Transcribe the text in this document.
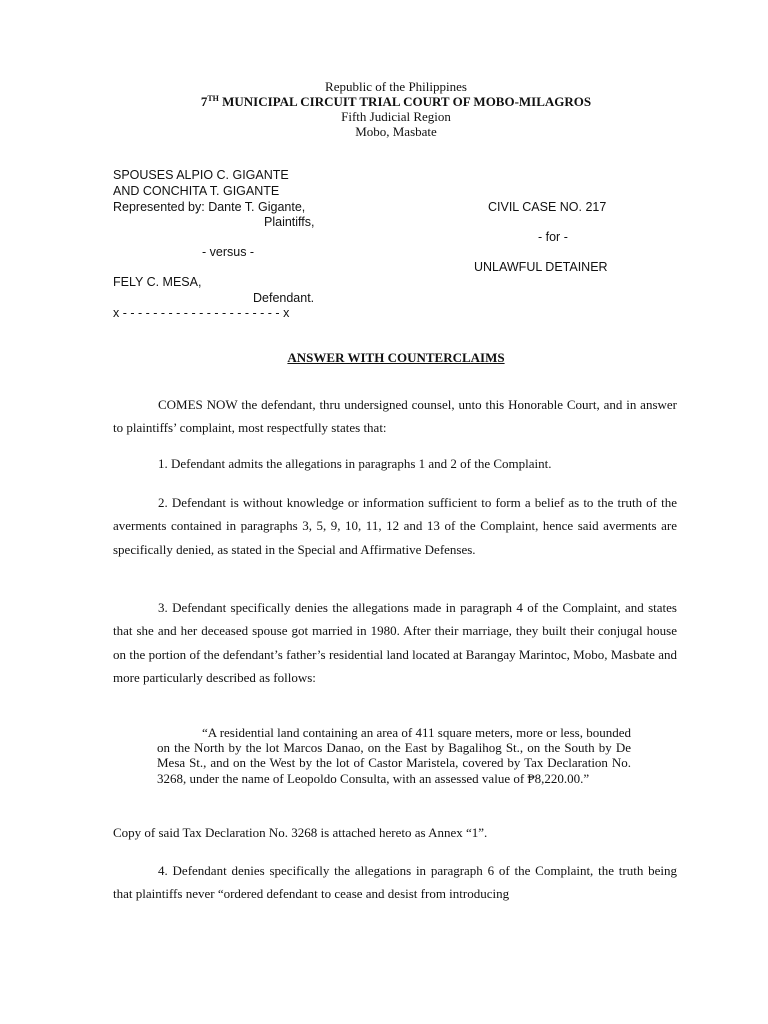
Republic of the Philippines
7TH MUNICIPAL CIRCUIT TRIAL COURT OF MOBO-MILAGROS
Fifth Judicial Region
Mobo, Masbate
SPOUSES ALPIO C. GIGANTE
AND CONCHITA T. GIGANTE
Represented by: Dante T. Gigante,
Plaintiffs,
- versus -
FELY C. MESA,
Defendant.
x - - - - - - - - - - - - - - - - - - - - - x
CIVIL CASE NO. 217
- for -
UNLAWFUL DETAINER
ANSWER WITH COUNTERCLAIMS
COMES NOW the defendant, thru undersigned counsel, unto this Honorable Court, and in answer to plaintiffs’ complaint, most respectfully states that:
1. Defendant admits the allegations in paragraphs 1 and 2 of the Complaint.
2. Defendant is without knowledge or information sufficient to form a belief as to the truth of the averments contained in paragraphs 3, 5, 9, 10, 11, 12 and 13 of the Complaint, hence said averments are specifically denied, as stated in the Special and Affirmative Defenses.
3. Defendant specifically denies the allegations made in paragraph 4 of the Complaint, and states that she and her deceased spouse got married in 1980. After their marriage, they built their conjugal house on the portion of the defendant’s father’s residential land located at Barangay Marintoc, Mobo, Masbate and more particularly described as follows:
“A residential land containing an area of 411 square meters, more or less, bounded on the North by the lot Marcos Danao, on the East by Bagalihog St., on the South by De Mesa St., and on the West by the lot of Castor Maristela, covered by Tax Declaration No. 3268, under the name of Leopoldo Consulta, with an assessed value of ₱8,220.00.”
Copy of said Tax Declaration No. 3268 is attached hereto as Annex “1”.
4. Defendant denies specifically the allegations in paragraph 6 of the Complaint, the truth being that plaintiffs never “ordered defendant to cease and desist from introducing
